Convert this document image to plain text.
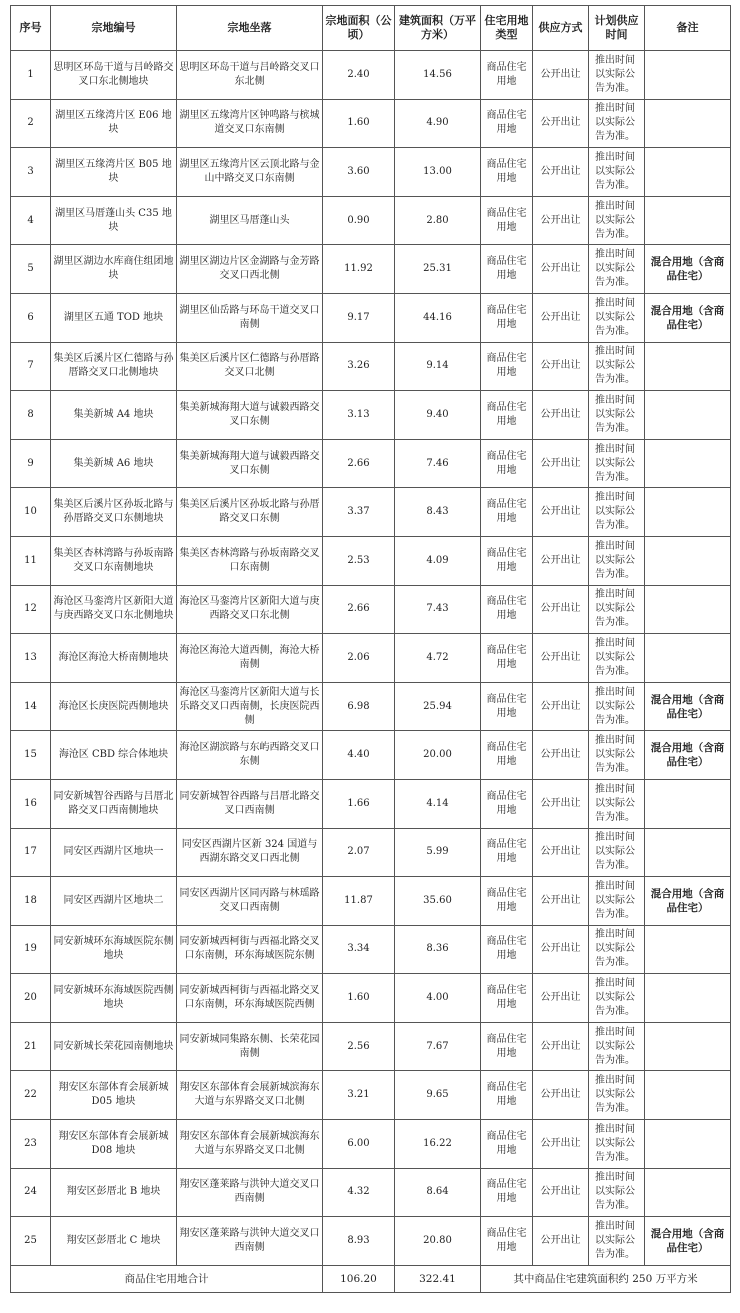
序号	宗地编号	宗地坐落	宗地面积（公顷）	建筑面积（万平方米）	住宅用地类型	供应方式	计划供应时间	备注
1	思明区环岛干道与吕岭路交叉口东北侧地块	思明区环岛干道与吕岭路交叉口东北侧	2.40	14.56	商品住宅用地	公开出让	推出时间以实际公告为准。	
2	湖里区五缘湾片区 E06 地块	湖里区五缘湾片区钟鸣路与槟城道交叉口东南侧	1.60	4.90	商品住宅用地	公开出让	推出时间以实际公告为准。	
3	湖里区五缘湾片区 B05 地块	湖里区五缘湾片区云顶北路与金山中路交叉口东南侧	3.60	13.00	商品住宅用地	公开出让	推出时间以实际公告为准。	
4	湖里区马厝蓬山头 C35 地块	湖里区马厝蓬山头	0.90	2.80	商品住宅用地	公开出让	推出时间以实际公告为准。	
5	湖里区湖边水库商住组团地块	湖里区湖边片区金湖路与金芳路交叉口西北侧	11.92	25.31	商品住宅用地	公开出让	推出时间以实际公告为准。	混合用地（含商品住宅）
6	湖里区五通 TOD 地块	湖里区仙岳路与环岛干道交叉口南侧	9.17	44.16	商品住宅用地	公开出让	推出时间以实际公告为准。	混合用地（含商品住宅）
7	集美区后溪片区仁德路与孙厝路交叉口北侧地块	集美区后溪片区仁德路与孙厝路交叉口北侧	3.26	9.14	商品住宅用地	公开出让	推出时间以实际公告为准。	
8	集美新城 A4 地块	集美新城海翔大道与诚毅西路交叉口东侧	3.13	9.40	商品住宅用地	公开出让	推出时间以实际公告为准。	
9	集美新城 A6 地块	集美新城海翔大道与诚毅西路交叉口东侧	2.66	7.46	商品住宅用地	公开出让	推出时间以实际公告为准。	
10	集美区后溪片区孙坂北路与孙厝路交叉口东侧地块	集美区后溪片区孙坂北路与孙厝路交叉口东侧	3.37	8.43	商品住宅用地	公开出让	推出时间以实际公告为准。	
11	集美区杏林湾路与孙坂南路交叉口东南侧地块	集美区杏林湾路与孙坂南路交叉口东南侧	2.53	4.09	商品住宅用地	公开出让	推出时间以实际公告为准。	
12	海沧区马銮湾片区新阳大道与庚西路交叉口东北侧地块	海沧区马銮湾片区新阳大道与庚西路交叉口东北侧	2.66	7.43	商品住宅用地	公开出让	推出时间以实际公告为准。	
13	海沧区海沧大桥南侧地块	海沧区海沧大道西侧，海沧大桥南侧	2.06	4.72	商品住宅用地	公开出让	推出时间以实际公告为准。	
14	海沧区长庚医院西侧地块	海沧区马銮湾片区新阳大道与长乐路交叉口西南侧，长庚医院西侧	6.98	25.94	商品住宅用地	公开出让	推出时间以实际公告为准。	混合用地（含商品住宅）
15	海沧区 CBD 综合体地块	海沧区湖滨路与东屿西路交叉口东侧	4.40	20.00	商品住宅用地	公开出让	推出时间以实际公告为准。	混合用地（含商品住宅）
16	同安新城智谷西路与吕厝北路交叉口西南侧地块	同安新城智谷西路与吕厝北路交叉口西南侧	1.66	4.14	商品住宅用地	公开出让	推出时间以实际公告为准。	
17	同安区西湖片区地块一	同安区西湖片区新 324 国道与西湖东路交叉口西北侧	2.07	5.99	商品住宅用地	公开出让	推出时间以实际公告为准。	
18	同安区西湖片区地块二	同安区西湖片区同丙路与林瑶路交叉口西南侧	11.87	35.60	商品住宅用地	公开出让	推出时间以实际公告为准。	混合用地（含商品住宅）
19	同安新城环东海域医院东侧地块	同安新城西柯街与西福北路交叉口东南侧，环东海域医院东侧	3.34	8.36	商品住宅用地	公开出让	推出时间以实际公告为准。	
20	同安新城环东海域医院西侧地块	同安新城西柯街与西福北路交叉口东南侧，环东海域医院西侧	1.60	4.00	商品住宅用地	公开出让	推出时间以实际公告为准。	
21	同安新城长荣花园南侧地块	同安新城同集路东侧、长荣花园南侧	2.56	7.67	商品住宅用地	公开出让	推出时间以实际公告为准。	
22	翔安区东部体育会展新城 D05 地块	翔安区东部体育会展新城滨海东大道与东界路交叉口北侧	3.21	9.65	商品住宅用地	公开出让	推出时间以实际公告为准。	
23	翔安区东部体育会展新城 D08 地块	翔安区东部体育会展新城滨海东大道与东界路交叉口北侧	6.00	16.22	商品住宅用地	公开出让	推出时间以实际公告为准。	
24	翔安区彭厝北 B 地块	翔安区蓬莱路与洪钟大道交叉口西南侧	4.32	8.64	商品住宅用地	公开出让	推出时间以实际公告为准。	
25	翔安区彭厝北 C 地块	翔安区蓬莱路与洪钟大道交叉口西南侧	8.93	20.80	商品住宅用地	公开出让	推出时间以实际公告为准。	混合用地（含商品住宅）
商品住宅用地合计			106.20	322.41	其中商品住宅建筑面积约 250 万平方米			
